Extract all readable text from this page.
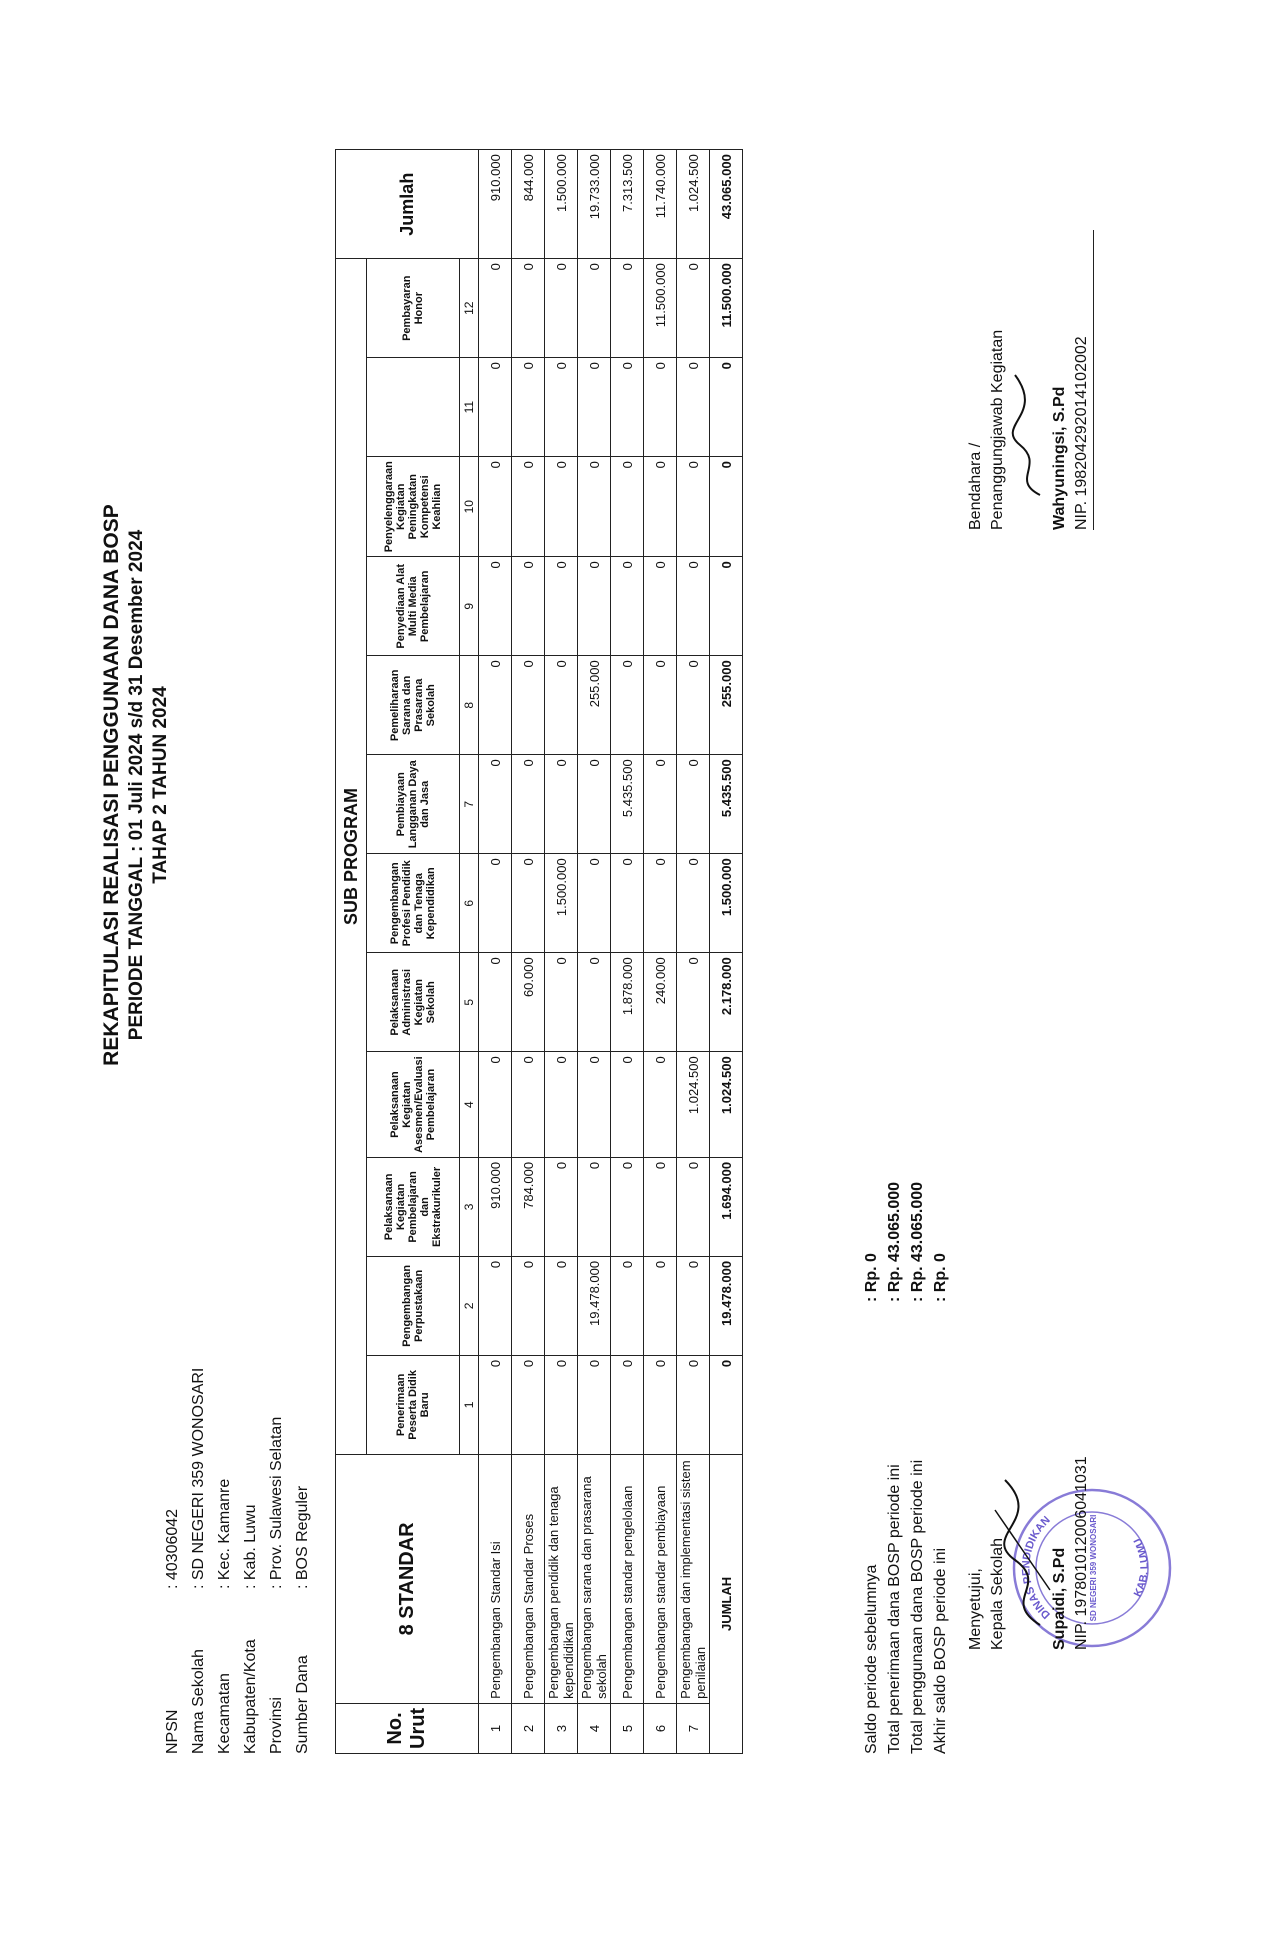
REKAPITULASI REALISASI PENGGUNAAN DANA BOSP PERIODE TANGGAL : 01 Juli 2024 s/d 31 Desember 2024 TAHAP 2 TAHUN 2024
NPSN
: 40306042
Nama Sekolah
: SD NEGERI 359 WONOSARI
Kecamatan
: Kec. Kamanre
Kabupaten/Kota
: Kab. Luwu
Provinsi
: Prov. Sulawesi Selatan
Sumber Dana
: BOS Reguler
No. Urut	8 STANDAR	SUB PROGRAM												Jumlah
		Penerimaan Peserta Didik Baru	Pengembangan Perpustakaan	Pelaksanaan Kegiatan Pembelajaran dan Ekstrakurikuler	Pelaksanaan Kegiatan Asesmen/Evaluasi Pembelajaran	Pelaksanaan Administrasi Kegiatan Sekolah	Pengembangan Profesi Pendidik dan Tenaga Kependidikan	Pembiayaan Langganan Daya dan Jasa	Pemeliharaan Sarana dan Prasarana Sekolah	Penyediaan Alat Multi Media Pembelajaran	Penyelenggaraan Kegiatan Peningkatan Kompetensi Keahlian		Pembayaran Honor	
		1	2	3	4	5	6	7	8	9	10	11	12	
1	Pengembangan Standar Isi	0	0	910.000	0	0	0	0	0	0	0	0	0	910.000
2	Pengembangan Standar Proses	0	0	784.000	0	60.000	0	0	0	0	0	0	0	844.000
3	Pengembangan pendidik dan tenaga kependidikan	0	0	0	0	0	1.500.000	0	0	0	0	0	0	1.500.000
4	Pengembangan sarana dan prasarana sekolah	0	19.478.000	0	0	0	0	0	255.000	0	0	0	0	19.733.000
5	Pengembangan standar pengelolaan	0	0	0	0	1.878.000	0	5.435.500	0	0	0	0	0	7.313.500
6	Pengembangan standar pembiayaan	0	0	0	0	240.000	0	0	0	0	0	0	11.500.000	11.740.000
7	Pengembangan dan implementasi sistem penilaian	0	0	0	1.024.500	0	0	0	0	0	0	0	0	1.024.500
JUMLAH		0	19.478.000	1.694.000	1.024.500	2.178.000	1.500.000	5.435.500	255.000	0	0	0	11.500.000	43.065.000
Saldo periode sebelumnya
: Rp. 0
Total penerimaan dana BOSP periode ini
: Rp. 43.065.000
Total penggunaan dana BOSP periode ini
: Rp. 43.065.000
Akhir saldo BOSP periode ini
: Rp. 0
DINAS PENDIDIKAN	SD NEGERI 359 WONOSARI	KAB. LUWU
Menyetujui, Kepala Sekolah	Supaidi, S.Pd NIP. 197801012006041031
Bendahara / Penanggungjawab Kegiatan	Wahyuningsi, S.Pd NIP. 198204292014102002
